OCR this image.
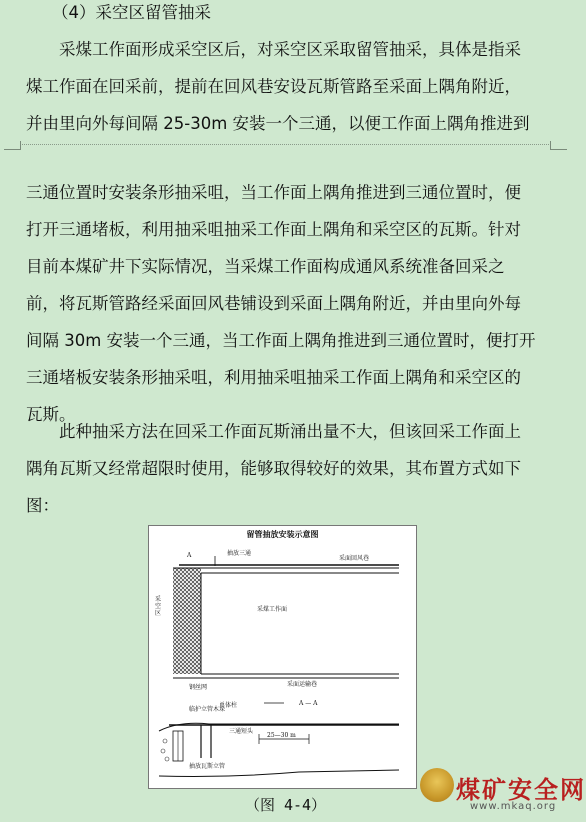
（4）采空区留管抽采
采煤工作面形成采空区后，对采空区采取留管抽采，具体是指采
煤工作面在回采前，提前在回风巷安设瓦斯管路至采面上隅角附近，
并由里向外每间隔 25-30m 安装一个三通，以便工作面上隅角推进到
三通位置时安装条形抽采咀，当工作面上隅角推进到三通位置时，便
打开三通堵板，利用抽采咀抽采工作面上隅角和采空区的瓦斯。针对
目前本煤矿井下实际情况，当采煤工作面构成通风系统准备回采之
前，将瓦斯管路经采面回风巷铺设到采面上隅角附近，并由里向外每
间隔 30m 安装一个三通，当工作面上隅角推进到三通位置时，便打开
三通堵板安装条形抽采咀，利用抽采咀抽采工作面上隅角和采空区的
瓦斯。
此种抽采方法在回采工作面瓦斯涌出量不大，但该回采工作面上
隅角瓦斯又经常超限时使用，能够取得较好的效果，其布置方式如下
图：
留管抽放安装示意图
抽放三通
A	采面回风巷
采空区
采煤工作面
采面运输巷
A — A
钢丝网
临护立管木垛
单体柱
三通短头
25—30 m
抽放瓦斯立管
（图 4-4）
煤矿安全网
www.mkaq.org
